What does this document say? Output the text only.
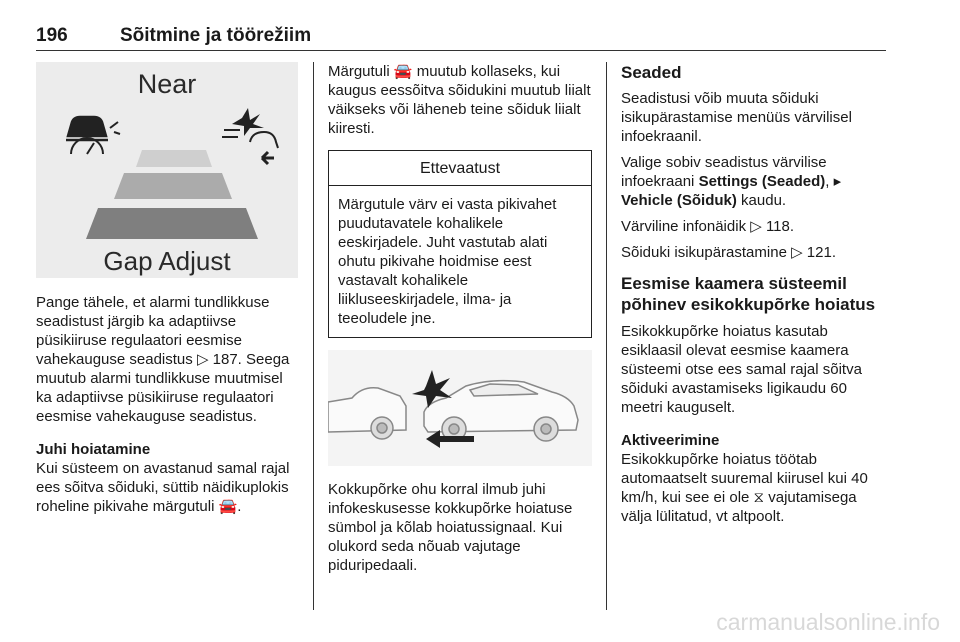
196	Sõitmine ja töörežiim
Near
Gap Adjust

Pange tähele, et alarmi tundlikkuse seadistust järgib ka adaptiivse püsikiiruse regulaatori eesmise vahekauguse seadistus ▷ 187. Seega muutub alarmi tundlikkuse muutmisel ka adaptiivse püsikiiruse regulaatori eesmise vahekauguse seadistus.

Juhi hoiatamine

Kui süsteem on avastanud samal rajal ees sõitva sõiduki, süttib näidikuplokis roheline pikivahe märgutuli 🚘.

Märgutuli 🚘 muutub kollaseks, kui kaugus eessõitva sõidukini muutub liialt väikseks või läheneb teine sõiduk liialt kiiresti.

Ettevaatust
Märgutule värv ei vasta pikivahet puudutavatele kohalikele eeskirjadele. Juht vastutab alati ohutu pikivahe hoidmise eest vastavalt kohalikele liikluseeskirjadele, ilma- ja teeoludele jne.

Kokkupõrke ohu korral ilmub juhi infokeskusesse kokkupõrke hoiatuse sümbol ja kõlab hoiatussignaal. Kui olukord seda nõuab vajutage piduripedaali.

Seaded

Seadistusi võib muuta sõiduki isikupärastamise menüüs värvilisel infoekraanil.

Valige sobiv seadistus värvilise infoekraani Settings (Seaded), ▸ Vehicle (Sõiduk) kaudu.

Värviline infonäidik ▷ 118.

Sõiduki isikupärastamine ▷ 121.

Eesmise kaamera süsteemil põhinev esikokkupõrke hoiatus

Esikokkupõrke hoiatus kasutab esiklaasil olevat eesmise kaamera süsteemi otse ees samal rajal sõitva sõiduki avastamiseks ligikaudu 60 meetri kauguselt.

Aktiveerimine

Esikokkupõrke hoiatus töötab automaatselt suuremal kiirusel kui 40 km/h, kui see ei ole ⧖ vajutamisega välja lülitatud, vt altpoolt.

carmanualsonline.info
